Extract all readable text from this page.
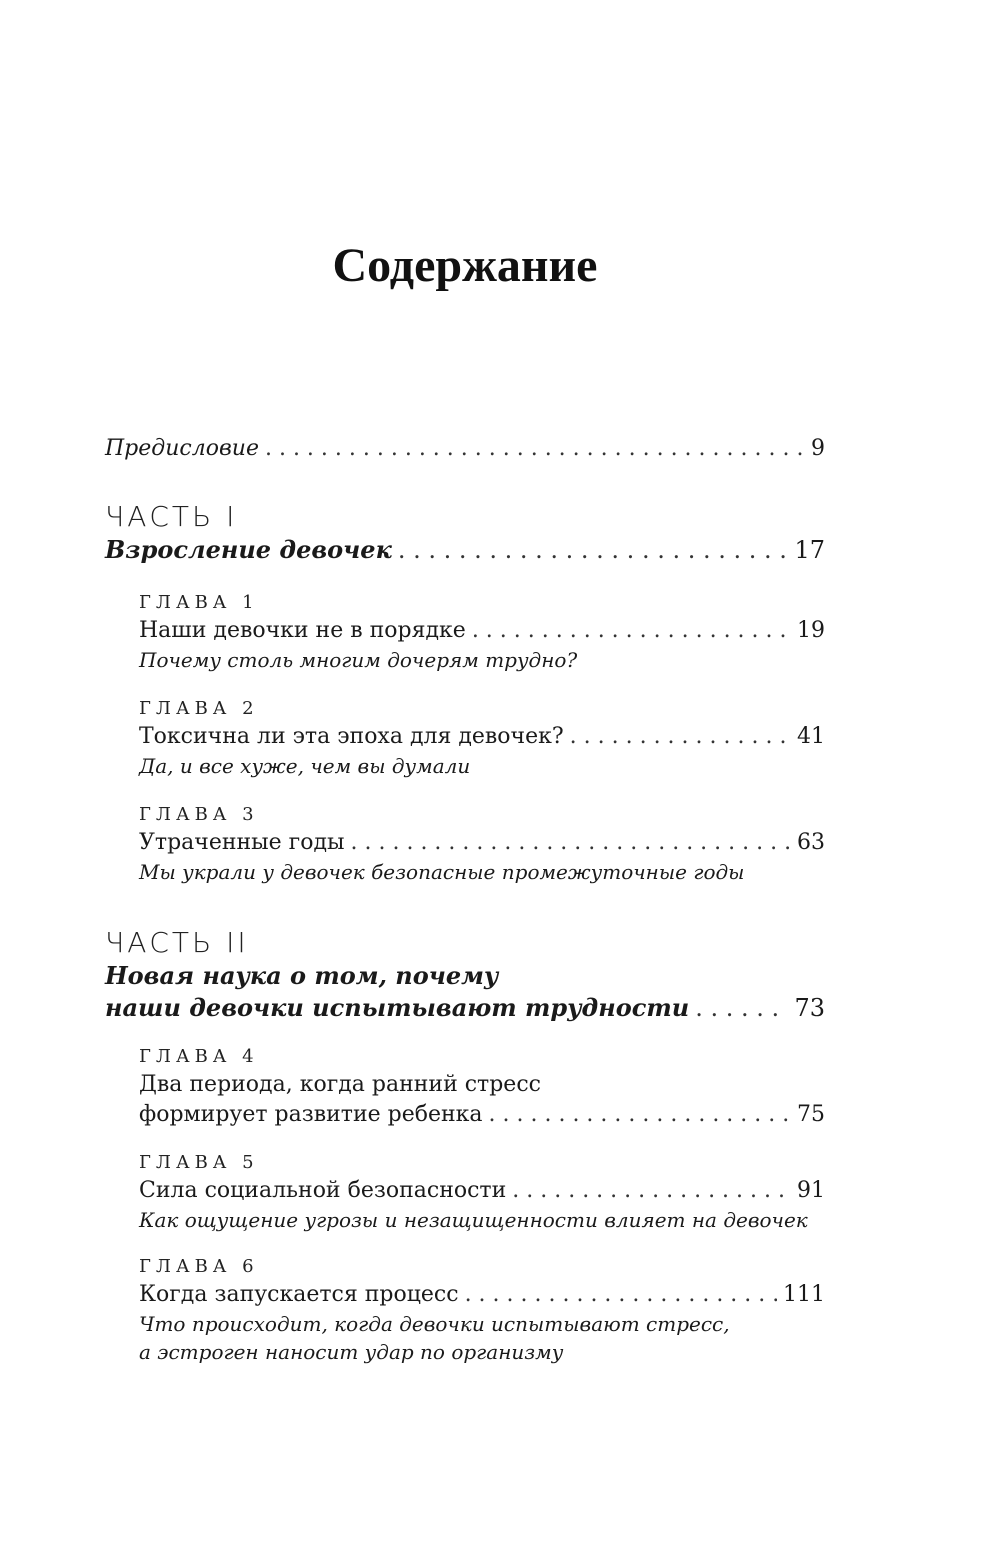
Содержание
Предисловие . . .	9
ЧАСТЬ I
Взросление девочек . . .	17
ГЛАВА 1
Наши девочки не в порядке . . .	19
Почему столь многим дочерям трудно?
ГЛАВА 2
Токсична ли эта эпоха для девочек? . . .	41
Да, и все хуже, чем вы думали
ГЛАВА 3
Утраченные годы . . .	63
Мы украли у девочек безопасные промежуточные годы
ЧАСТЬ II
Новая наука о том, почему
наши девочки испытывают трудности . . .	73
ГЛАВА 4
Два периода, когда ранний стресс
формирует развитие ребенка . . .	75
ГЛАВА 5
Сила социальной безопасности . . .	91
Как ощущение угрозы и незащищенности влияет на девочек
ГЛАВА 6
Когда запускается процесс . . .	111
Что происходит, когда девочки испытывают стресс,
а эстроген наносит удар по организму
